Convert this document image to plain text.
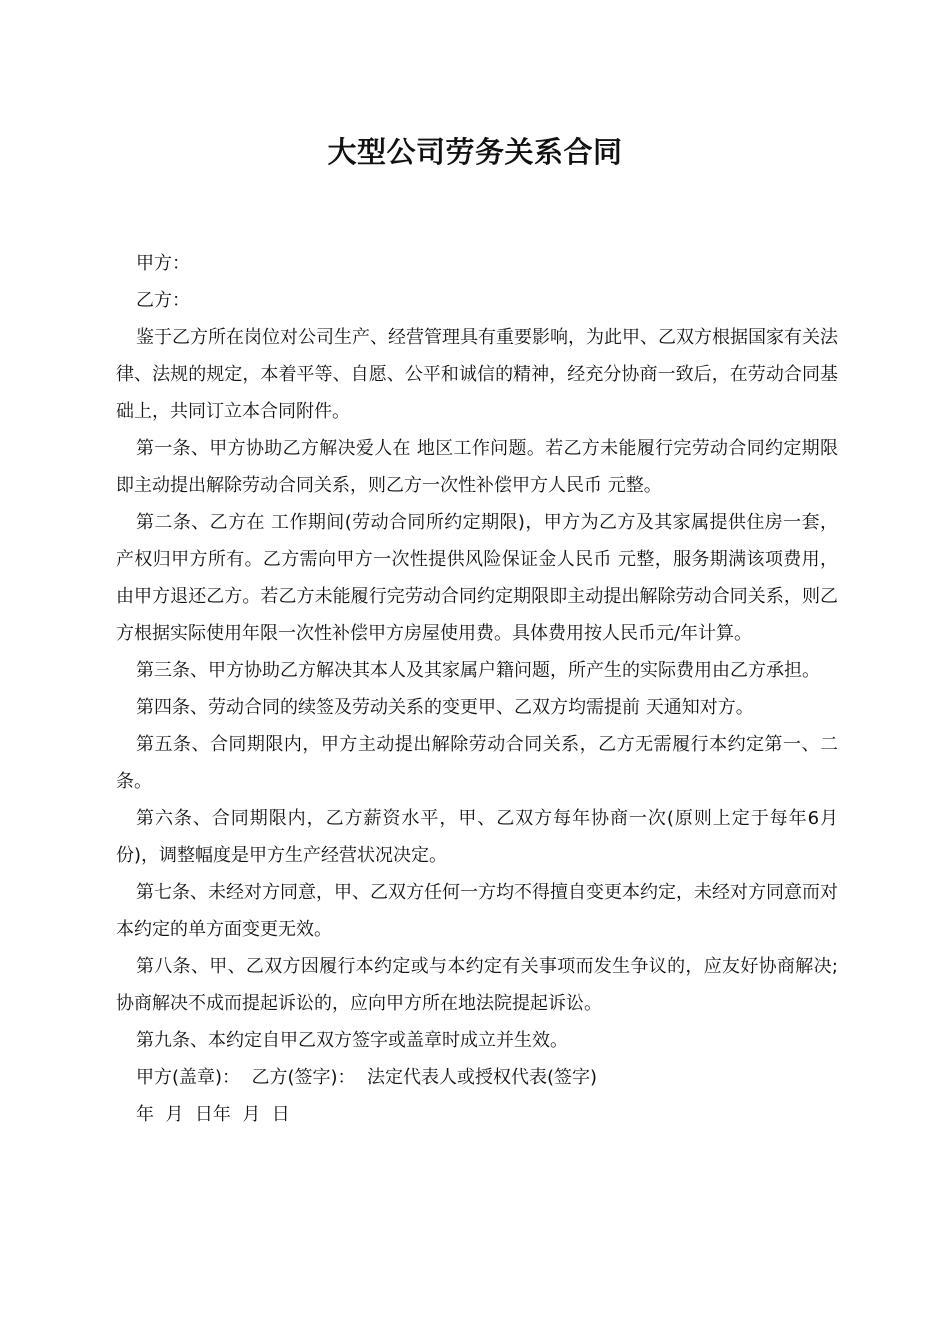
大型公司劳务关系合同

甲方：

乙方：

鉴于乙方所在岗位对公司生产、经营管理具有重要影响，为此甲、乙双方根据国家有关法律、法规的规定，本着平等、自愿、公平和诚信的精神，经充分协商一致后，在劳动合同基础上，共同订立本合同附件。

第一条、甲方协助乙方解决爱人在 地区工作问题。若乙方未能履行完劳动合同约定期限即主动提出解除劳动合同关系，则乙方一次性补偿甲方人民币 元整。

第二条、乙方在 工作期间(劳动合同所约定期限)，甲方为乙方及其家属提供住房一套，产权归甲方所有。乙方需向甲方一次性提供风险保证金人民币 元整，服务期满该项费用，由甲方退还乙方。若乙方未能履行完劳动合同约定期限即主动提出解除劳动合同关系，则乙方根据实际使用年限一次性补偿甲方房屋使用费。具体费用按人民币元/年计算。

第三条、甲方协助乙方解决其本人及其家属户籍问题，所产生的实际费用由乙方承担。

第四条、劳动合同的续签及劳动关系的变更甲、乙双方均需提前 天通知对方。

第五条、合同期限内，甲方主动提出解除劳动合同关系，乙方无需履行本约定第一、二条。

第六条、合同期限内，乙方薪资水平，甲、乙双方每年协商一次(原则上定于每年6月份)，调整幅度是甲方生产经营状况决定。

第七条、未经对方同意，甲、乙双方任何一方均不得擅自变更本约定，未经对方同意而对本约定的单方面变更无效。

第八条、甲、乙双方因履行本约定或与本约定有关事项而发生争议的，应友好协商解决;协商解决不成而提起诉讼的，应向甲方所在地法院提起诉讼。

第九条、本约定自甲乙双方签字或盖章时成立并生效。

甲方(盖章)：  乙方(签字)：  法定代表人或授权代表(签字)

年  月  日年  月  日
